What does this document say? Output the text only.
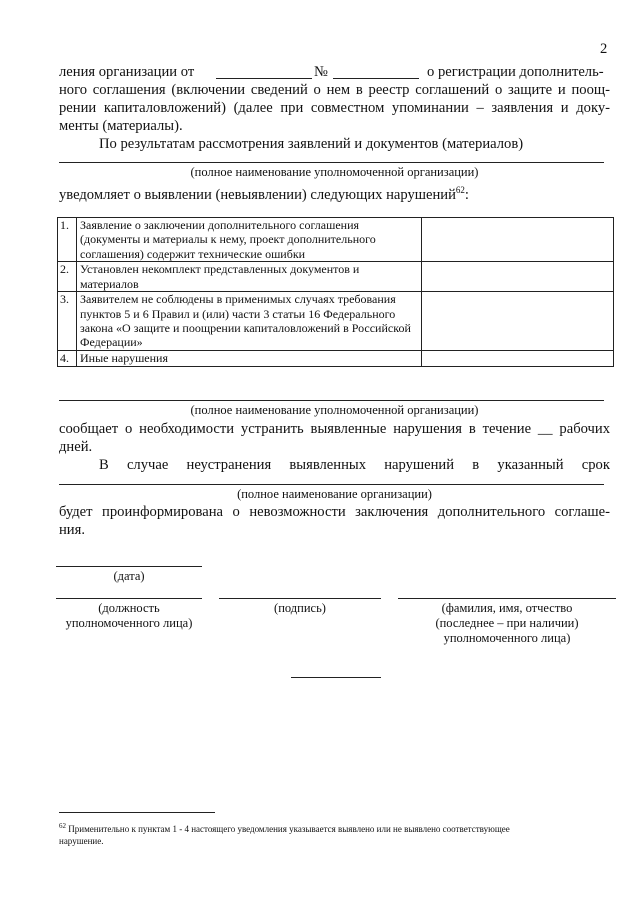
2
ления организации от	№	о регистрации дополнитель-
ного соглашения (включении сведений о нем в реестр соглашений о защите и поощ-
рении капиталовложений) (далее при совместном упоминании – заявления и доку-
менты (материалы).
По результатам рассмотрения заявлений и документов (материалов)
(полное наименование уполномоченной организации)
уведомляет о выявлении (невыявлении) следующих нарушений$^{62}$:
1.	Заявление о заключении дополнительного соглашения (документы и материалы к нему, проект дополнительного соглашения) содержит технические ошибки	
2.	Установлен некомплект представленных документов и материалов	
3.	Заявителем не соблюдены в применимых случаях требования пунктов 5 и 6 Правил и (или) части 3 статьи 16 Федерального закона «О защите и поощрении капиталовложений в Российской Федерации»	
4.	Иные нарушения	
(полное наименование уполномоченной организации)
сообщает о необходимости устранить выявленные нарушения в течение __ рабочих
дней.
В случае неустранения выявленных нарушений в указанный срок
(полное наименование организации)
будет проинформирована о невозможности заключения дополнительного соглаше-
ния.
(дата)
(должность
уполномоченного лица)
(подпись)	(фамилия, имя, отчество
(последнее – при наличии)
уполномоченного лица)
$^{62}$ Применительно к пунктам 1 - 4 настоящего уведомления указывается выявлено или не выявлено соответствующее
нарушение.
